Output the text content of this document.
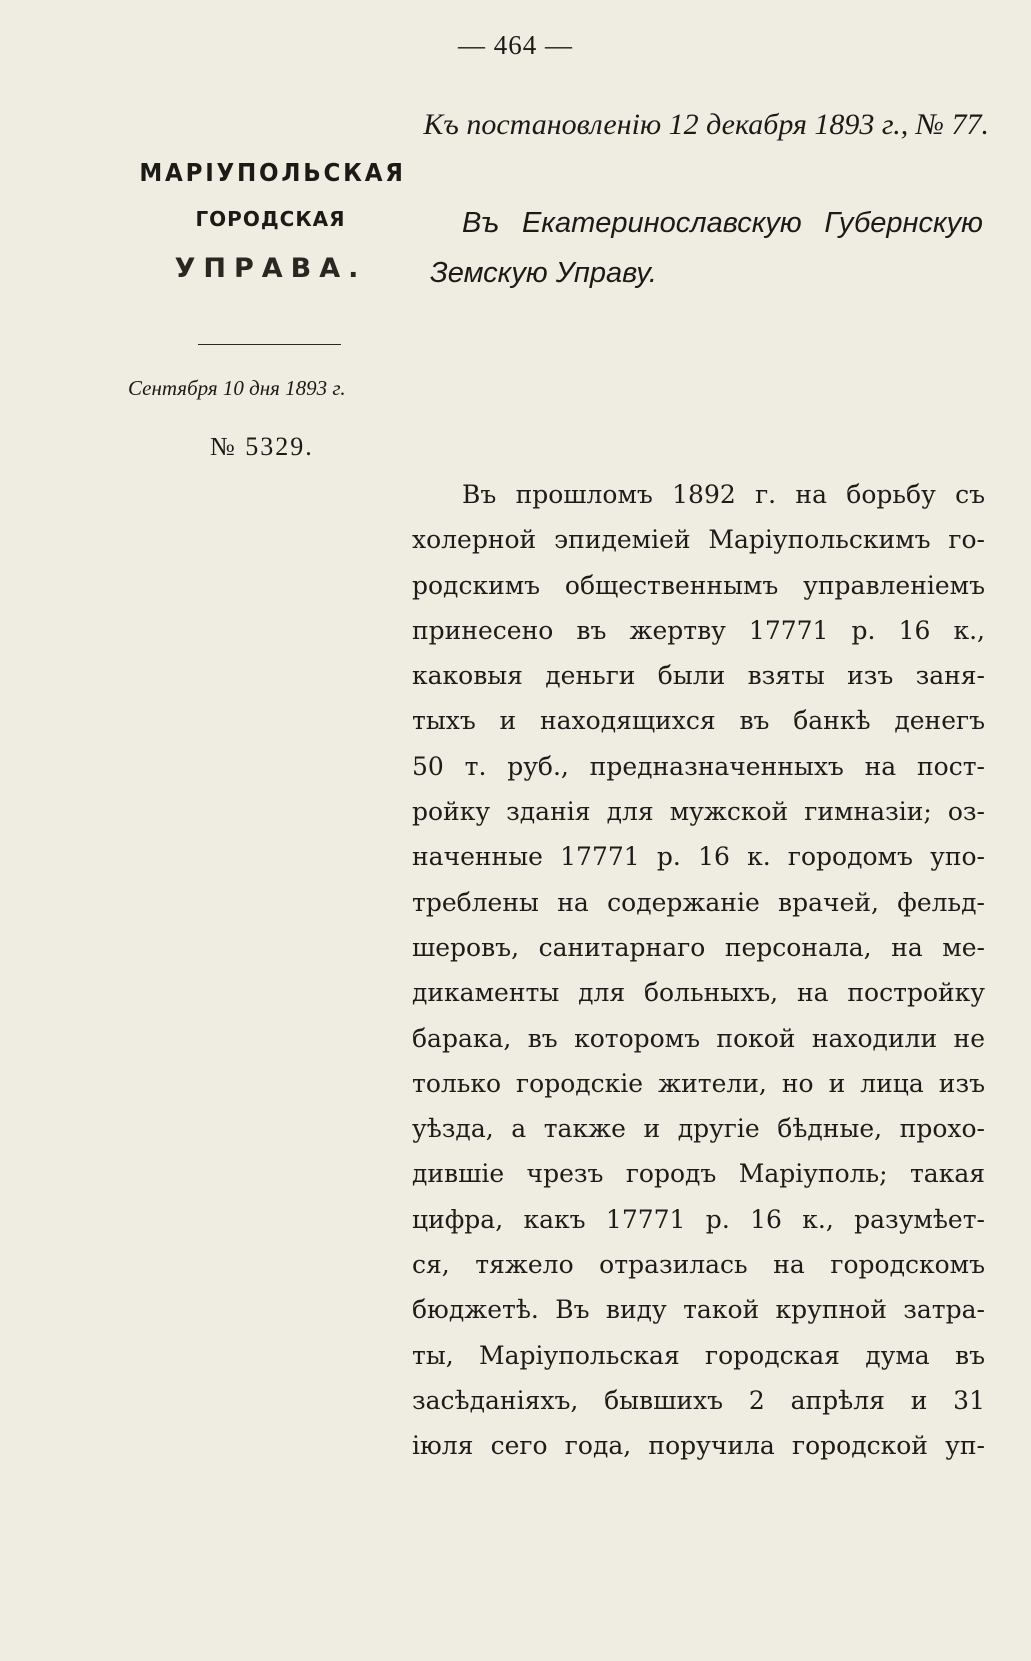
— 464 —
Къ постановленію 12 декабря 1893 г., № 77.
МАРІУПОЛЬСКАЯ
ГОРОДСКАЯ
УПРАВА.
Сентября 10 дня 1893 г.
№ 5329.
Въ Екатеринославскую Губернскую
Земскую Управу.
Въ прошломъ 1892 г. на борьбу съ
холерной эпидеміей Маріупольскимъ го-
родскимъ общественнымъ управленіемъ
принесено въ жертву 17771 р. 16 к.,
каковыя деньги были взяты изъ заня-
тыхъ и находящихся въ банкѣ денегъ
50 т. руб., предназначенныхъ на пост-
ройку зданія для мужской гимназіи; оз-
наченные 17771 р. 16 к. городомъ упо-
треблены на содержаніе врачей, фельд-
шеровъ, санитарнаго персонала, на ме-
дикаменты для больныхъ, на постройку
барака, въ которомъ покой находили не
только городскіе жители, но и лица изъ
уѣзда, а также и другіе бѣдные, прохо-
дившіе чрезъ городъ Маріуполь; такая
цифра, какъ 17771 р. 16 к., разумѣет-
ся, тяжело отразилась на городскомъ
бюджетѣ. Въ виду такой крупной затра-
ты, Маріупольская городская дума въ
засѣданіяхъ, бывшихъ 2 апрѣля и 31
іюля сего года, поручила городской уп-
